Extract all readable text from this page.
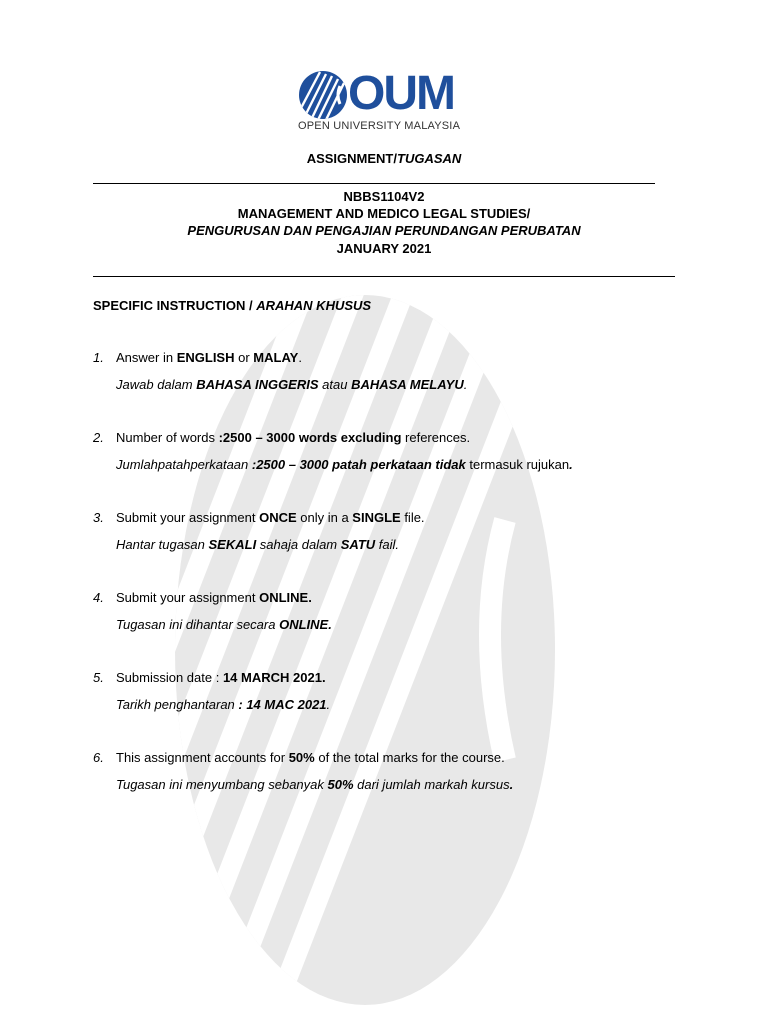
OUM
OPEN UNIVERSITY MALAYSIA
ASSIGNMENT/TUGASAN
NBBS1104V2
MANAGEMENT AND MEDICO LEGAL STUDIES/
PENGURUSAN DAN PENGAJIAN PERUNDANGAN PERUBATAN
JANUARY 2021
SPECIFIC INSTRUCTION / ARAHAN KHUSUS
1. Answer in ENGLISH or MALAY.
Jawab dalam BAHASA INGGERIS atau BAHASA MELAYU.
2. Number of words :2500 – 3000 words excluding references.
Jumlahpatahperkataan :2500 – 3000 patah perkataan tidak termasuk rujukan.
3. Submit your assignment ONCE only in a SINGLE file.
Hantar tugasan SEKALI sahaja dalam SATU fail.
4. Submit your assignment ONLINE.
Tugasan ini dihantar secara ONLINE.
5. Submission date : 14 MARCH 2021.
Tarikh penghantaran : 14 MAC 2021.
6. This assignment accounts for 50% of the total marks for the course.
Tugasan ini menyumbang sebanyak 50% dari jumlah markah kursus.
